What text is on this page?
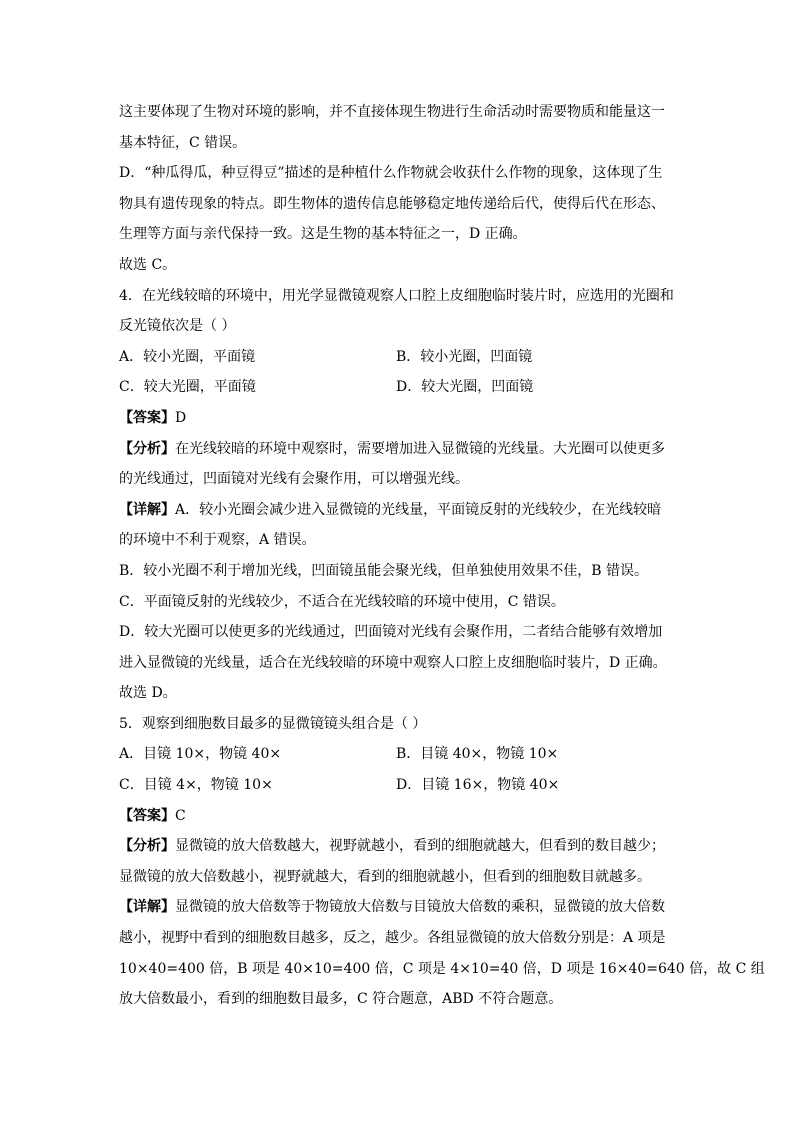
这主要体现了生物对环境的影响，并不直接体现生物进行生命活动时需要物质和能量这一

基本特征，C 错误。

D．“种瓜得瓜，种豆得豆”描述的是种植什么作物就会收获什么作物的现象，这体现了生

物具有遗传现象的特点。即生物体的遗传信息能够稳定地传递给后代，使得后代在形态、

生理等方面与亲代保持一致。这是生物的基本特征之一，D 正确。

故选 C。

4．在光线较暗的环境中，用光学显微镜观察人口腔上皮细胞临时装片时，应选用的光圈和

反光镜依次是（ ）

A．较小光圈，平面镜	B．较小光圈，凹面镜
C．较大光圈，平面镜	D．较大光圈，凹面镜

【答案】D

【分析】在光线较暗的环境中观察时，需要增加进入显微镜的光线量。大光圈可以使更多

的光线通过，凹面镜对光线有会聚作用，可以增强光线。

【详解】A．较小光圈会减少进入显微镜的光线量，平面镜反射的光线较少，在光线较暗

的环境中不利于观察，A 错误。

B．较小光圈不利于增加光线，凹面镜虽能会聚光线，但单独使用效果不佳，B 错误。

C．平面镜反射的光线较少，不适合在光线较暗的环境中使用，C 错误。

D．较大光圈可以使更多的光线通过，凹面镜对光线有会聚作用，二者结合能够有效增加

进入显微镜的光线量，适合在光线较暗的环境中观察人口腔上皮细胞临时装片，D 正确。

故选 D。

5．观察到细胞数目最多的显微镜镜头组合是（ ）

A．目镜 10×，物镜 40×	B．目镜 40×，物镜 10×
C．目镜 4×，物镜 10×	D．目镜 16×，物镜 40×

【答案】C

【分析】显微镜的放大倍数越大，视野就越小，看到的细胞就越大，但看到的数目越少；

显微镜的放大倍数越小，视野就越大，看到的细胞就越小，但看到的细胞数目就越多。

【详解】显微镜的放大倍数等于物镜放大倍数与目镜放大倍数的乘积，显微镜的放大倍数

越小，视野中看到的细胞数目越多，反之，越少。各组显微镜的放大倍数分别是：A 项是

10×40=400 倍，B 项是 40×10=400 倍，C 项是 4×10=40 倍，D 项是 16×40=640 倍，故 C 组

放大倍数最小，看到的细胞数目最多，C 符合题意，ABD 不符合题意。
